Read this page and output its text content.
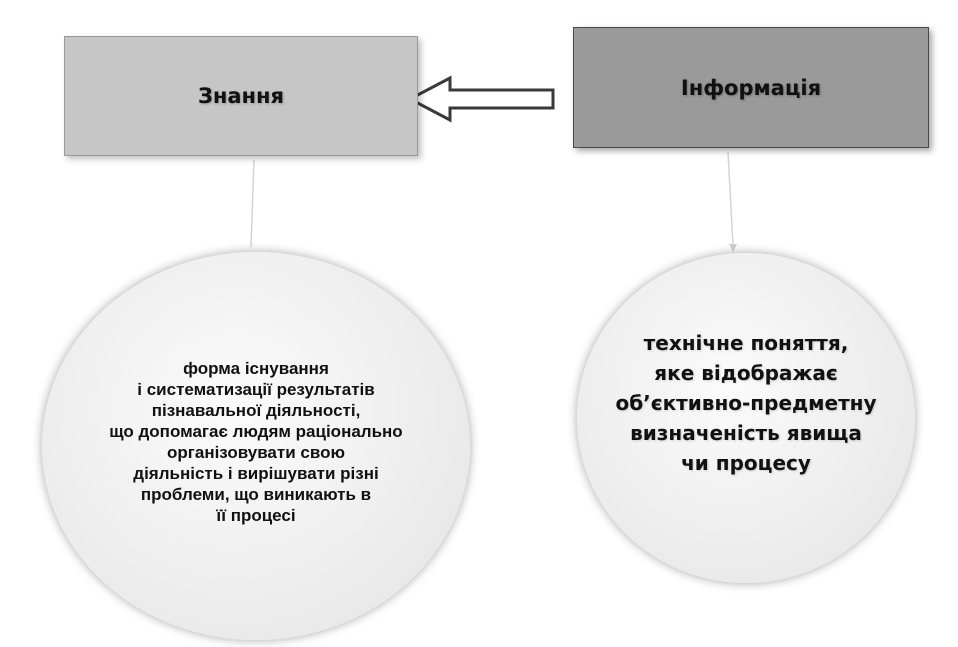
Знання	Інформація
форма існування
і систематизації результатів
пізнавальної діяльності,
що допомагає людям раціонально
організовувати свою
діяльність і вирішувати різні
проблеми, що виникають в
її процесі
технічне поняття,
яке відображає
об’єктивно-предметну
визначеність явища
чи процесу
